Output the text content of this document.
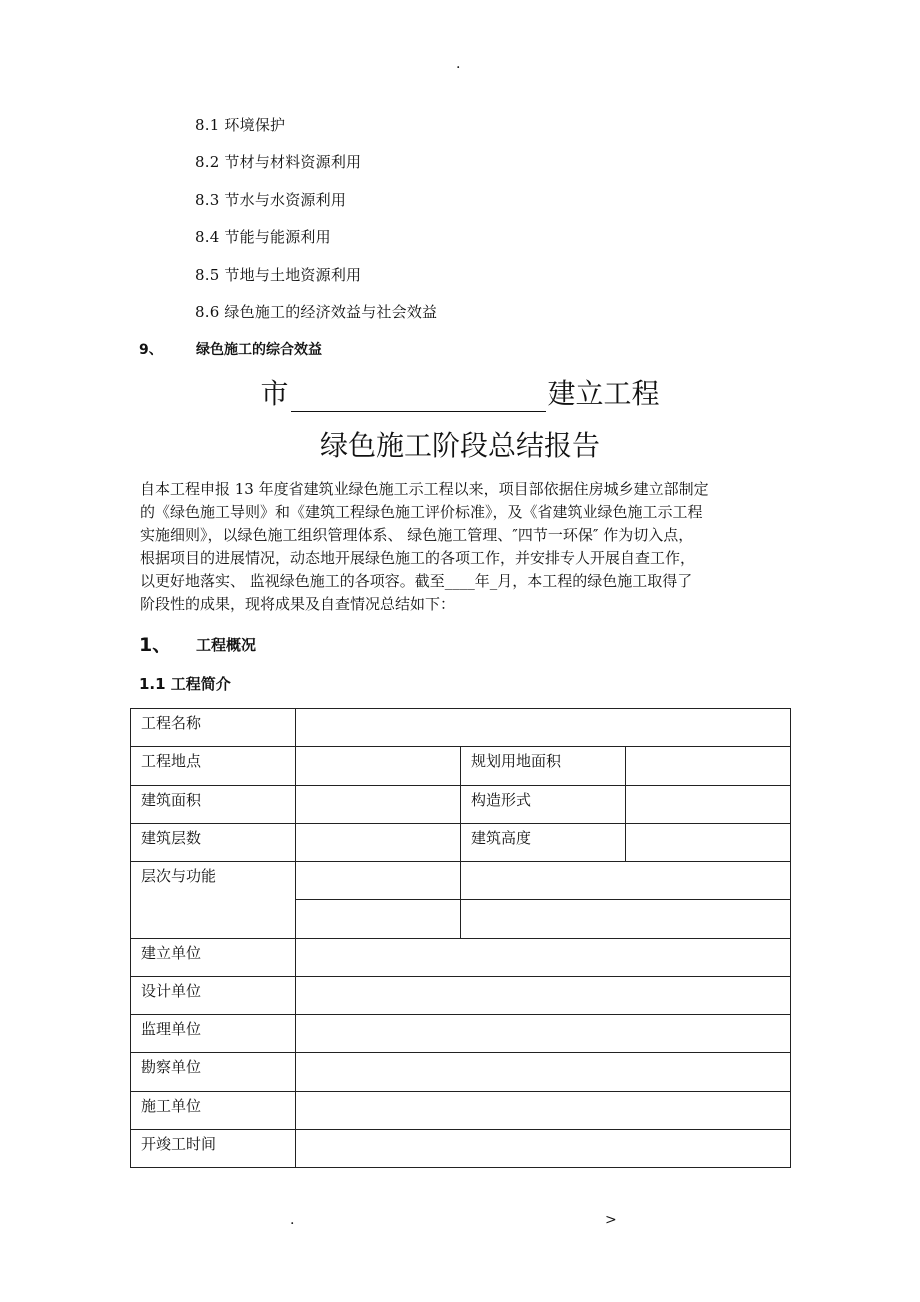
.
8.1 环境保护
8.2 节材与材料资源利用
8.3 节水与水资源利用
8.4 节能与能源利用
8.5 节地与土地资源利用
8.6 绿色施工的经济效益与社会效益
9、 绿色施工的综合效益
市	建立工程
绿色施工阶段总结报告
自本工程申报 13 年度省建筑业绿色施工示工程以来，项目部依据住房城乡建立部制定
的《绿色施工导则》和《建筑工程绿色施工评价标准》，及《省建筑业绿色施工示工程
实施细则》，以绿色施工组织管理体系、 绿色施工管理、″四节一环保″ 作为切入点，
根据项目的进展情况，动态地开展绿色施工的各项工作，并安排专人开展自查工作，
以更好地落实、 监视绿色施工的各项容。截至____年_月，本工程的绿色施工取得了
阶段性的成果，现将成果及自查情况总结如下：
1、 工程概况
1.1 工程简介
工程名称			
工程地点		规划用地面积	
建筑面积		构造形式	
建筑层数		建筑高度	
层次与功能			

建立单位			
设计单位			
监理单位			
勘察单位			
施工单位			
开竣工时间			
.	>
